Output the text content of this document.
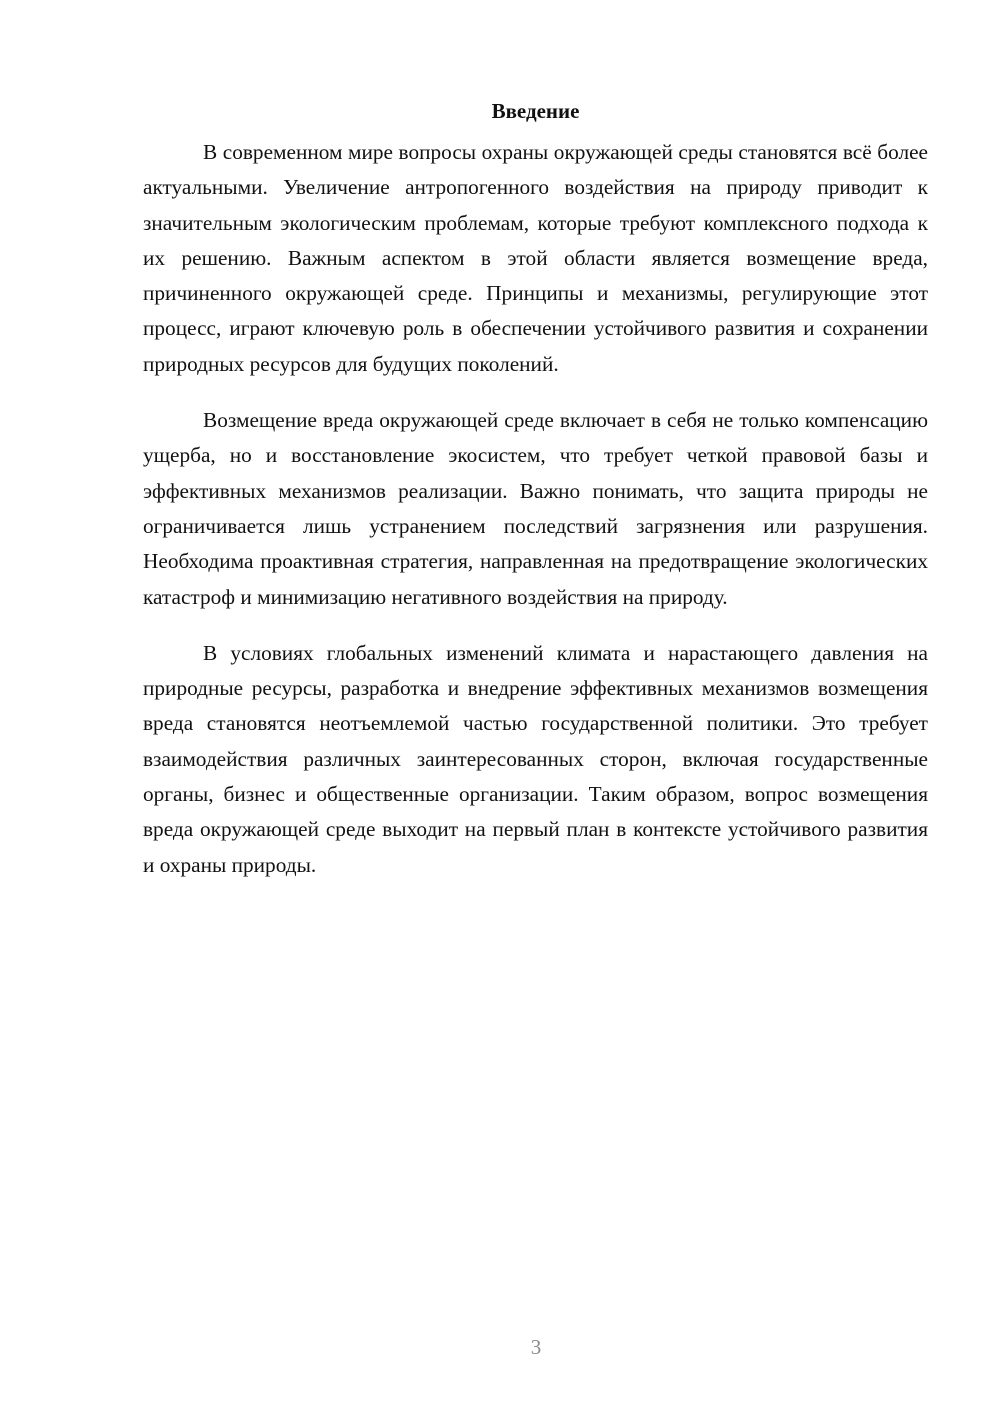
Введение

В современном мире вопросы охраны окружающей среды становятся всё более актуальными. Увеличение антропогенного воздействия на природу приводит к значительным экологическим проблемам, которые требуют комплексного подхода к их решению. Важным аспектом в этой области является возмещение вреда, причиненного окружающей среде. Принципы и механизмы, регулирующие этот процесс, играют ключевую роль в обеспечении устойчивого развития и сохранении природных ресурсов для будущих поколений.

Возмещение вреда окружающей среде включает в себя не только компенсацию ущерба, но и восстановление экосистем, что требует четкой правовой базы и эффективных механизмов реализации. Важно понимать, что защита природы не ограничивается лишь устранением последствий загрязнения или разрушения. Необходима проактивная стратегия, направленная на предотвращение экологических катастроф и минимизацию негативного воздействия на природу.

В условиях глобальных изменений климата и нарастающего давления на природные ресурсы, разработка и внедрение эффективных механизмов возмещения вреда становятся неотъемлемой частью государственной политики. Это требует взаимодействия различных заинтересованных сторон, включая государственные органы, бизнес и общественные организации. Таким образом, вопрос возмещения вреда окружающей среде выходит на первый план в контексте устойчивого развития и охраны природы.

3
